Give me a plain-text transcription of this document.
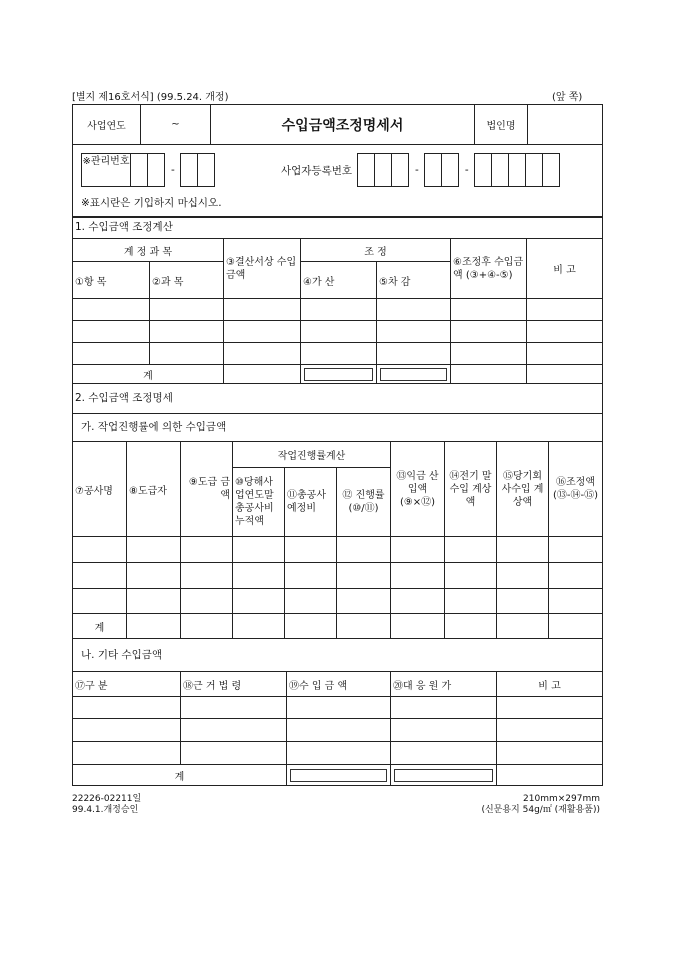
[별지 제16호서식] (99.5.24. 개정)	(앞 쪽)
사업연도	~	수입금액조정명세서	법인명	
※관리번호
-	사업자등록번호	-	-
※표시란은 기입하지 마십시오.
1. 수입금액 조정계산
계 정 과 목		③결산서상 수입금액	조 정		⑥조정후 수입금액 (③+④-⑤)	비 고
①항 목	②과 목		④가 산	⑤차 감		

계			

2. 수입금액 조정명세
가. 작업진행률에 의한 수입금액
⑦공사명	⑧도급자	⑨도급 금액	작업진행률계산			⑬익금 산입액 (⑨×⑫)	⑭전기 말수입 계상액	⑮당기회 사수입 계상액	⑯조정액 (⑬-⑭-⑮)
			⑩당해사업연도말 총공사비 누적액	⑪총공사 예정비	⑫ 진행률 (⑩/⑪)				

계									
나. 기타 수입금액
⑰구 분	⑱근 거 법 령	⑲수 입 금 액	⑳대 응 원 가	비 고

계		

22226-02211일
99.4.1.개정승인
210mm×297mm
(신문용지 54g/㎡ (재활용품))
